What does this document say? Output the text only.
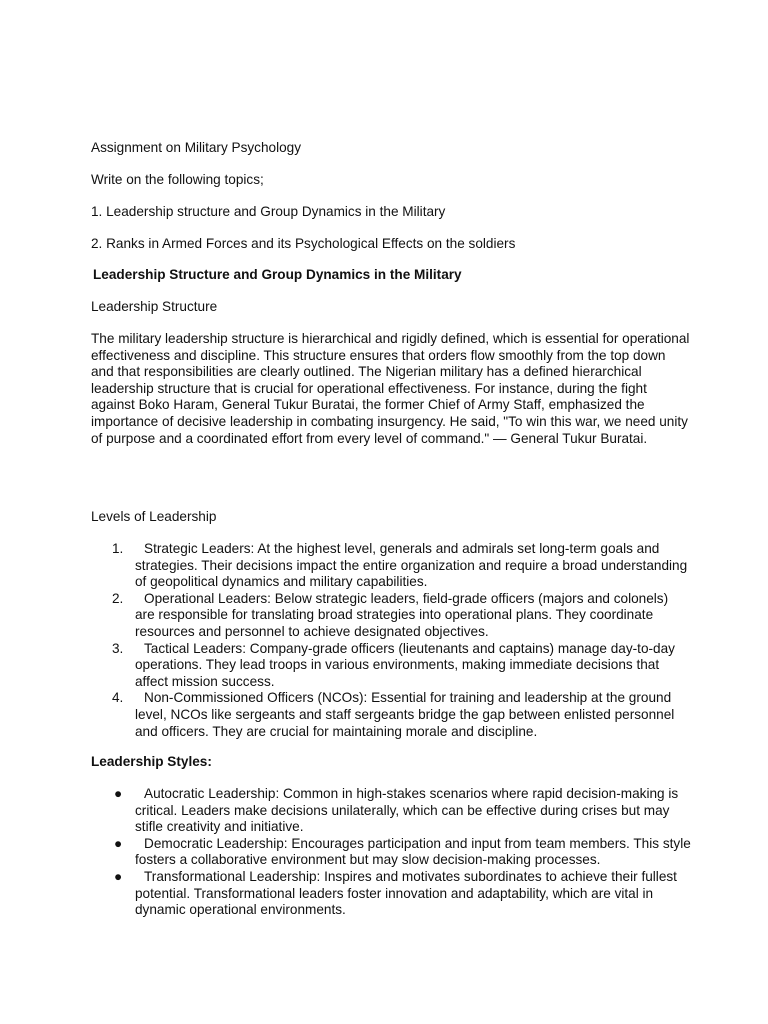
Assignment on Military Psychology

Write on the following topics;

1. Leadership structure and Group Dynamics in the Military

2. Ranks in Armed Forces and its Psychological Effects on the soldiers

Leadership Structure and Group Dynamics in the Military

Leadership Structure

The military leadership structure is hierarchical and rigidly defined, which is essential for operational effectiveness and discipline. This structure ensures that orders flow smoothly from the top down and that responsibilities are clearly outlined. The Nigerian military has a defined hierarchical leadership structure that is crucial for operational effectiveness. For instance, during the fight against Boko Haram, General Tukur Buratai, the former Chief of Army Staff, emphasized the importance of decisive leadership in combating insurgency. He said, "To win this war, we need unity of purpose and a coordinated effort from every level of command." — General Tukur Buratai.

Levels of Leadership

1.	Strategic Leaders: At the highest level, generals and admirals set long-term goals and strategies. Their decisions impact the entire organization and require a broad understanding of geopolitical dynamics and military capabilities.
2.	Operational Leaders: Below strategic leaders, field-grade officers (majors and colonels) are responsible for translating broad strategies into operational plans. They coordinate resources and personnel to achieve designated objectives.
3.	Tactical Leaders: Company-grade officers (lieutenants and captains) manage day-to-day operations. They lead troops in various environments, making immediate decisions that affect mission success.
4.	Non-Commissioned Officers (NCOs): Essential for training and leadership at the ground level, NCOs like sergeants and staff sergeants bridge the gap between enlisted personnel and officers. They are crucial for maintaining morale and discipline.

Leadership Styles:

●	Autocratic Leadership: Common in high-stakes scenarios where rapid decision-making is critical. Leaders make decisions unilaterally, which can be effective during crises but may stifle creativity and initiative.
●	Democratic Leadership: Encourages participation and input from team members. This style fosters a collaborative environment but may slow decision-making processes.
●	Transformational Leadership: Inspires and motivates subordinates to achieve their fullest potential. Transformational leaders foster innovation and adaptability, which are vital in dynamic operational environments.
